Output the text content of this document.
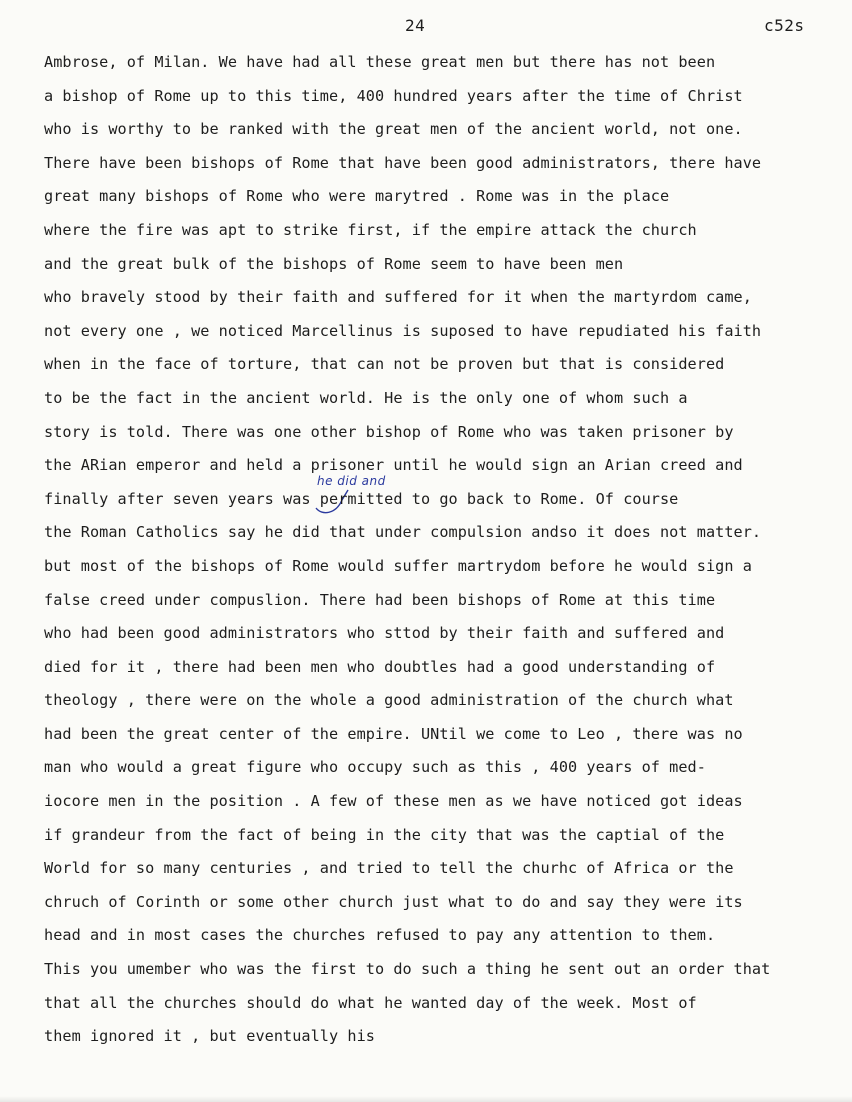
24	c52s
he did and
Ambrose, of Milan. We have had all these great men but there has not been
a bishop of Rome up to this time, 400 hundred years after the time of Christ
who is worthy to be ranked with the great men of the ancient world, not one.
There have been bishops of Rome that have been good administrators, there have
great many bishops of Rome who were marytred . Rome was in the place
where the fire was apt to strike first, if the empire attack the church
and the great bulk of the bishops of Rome seem to have been men
who bravely stood by their faith and suffered for it when the martyrdom came,
not every one , we noticed Marcellinus is suposed to have repudiated his faith
when in the face of torture, that can not be proven but that is considered
to be the fact in the ancient world. He is the only one of whom such a
story is told. There was one other bishop of Rome who was taken prisoner by
the ARian emperor and held a prisoner until he would sign an Arian creed and
finally after seven years was permitted to go back to Rome. Of course
the Roman Catholics say he did that under compulsion andso it does not matter.
but most of the bishops of Rome would suffer martrydom before he would sign a
false creed under compuslion. There had been bishops of Rome at this time
who had been good administrators who sttod by their faith and suffered and
died for it , there had been men who doubtles had a good understanding of
theology , there were on the whole a good administration of the church what
had been the great center of the empire. UNtil we come to Leo , there was no
man who would a great figure who occupy such as this , 400 years of med-
iocore men in the position . A few of these men as we have noticed got ideas
if grandeur from the fact of being in the city that was the captial of the
World for so many centuries , and tried to tell the churhc of Africa or the
chruch of Corinth or some other church just what to do and say they were its
head and in most cases the churches refused to pay any attention to them.
This you umember who was the first to do such a thing he sent out an order that
that all the churches should do what he wanted day of the week. Most of
them ignored it , but eventually his
